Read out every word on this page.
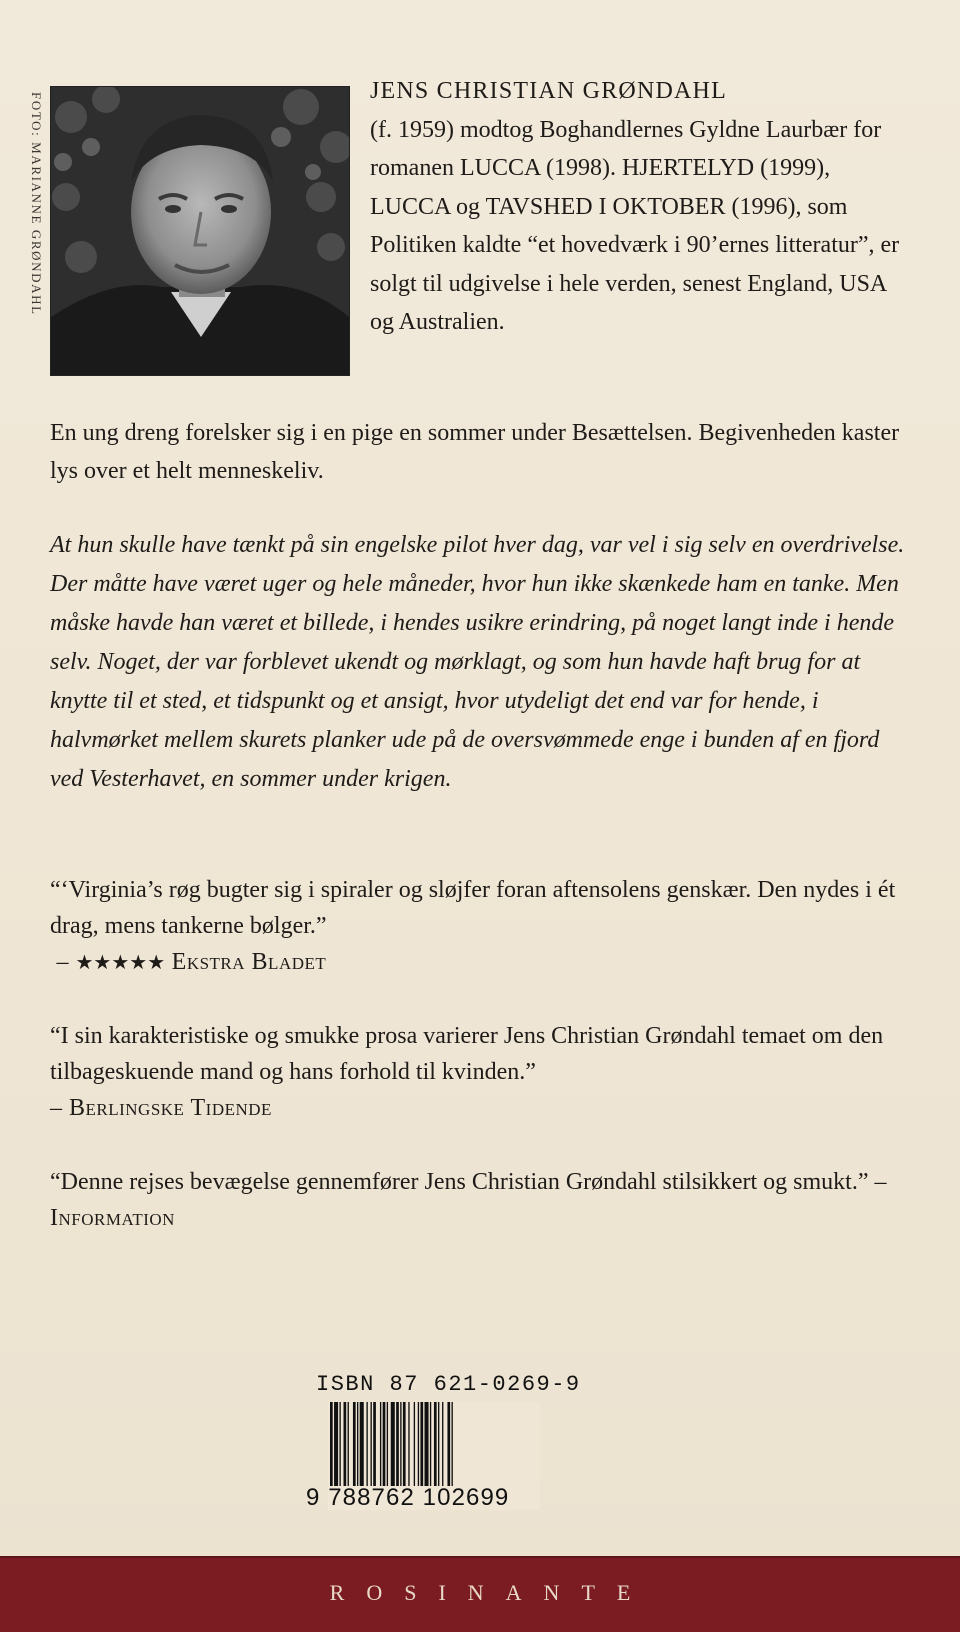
FOTO: MARIANNE GRØNDAHL
JENS CHRISTIAN GRØNDAHL

(f. 1959) modtog Boghandlernes Gyldne Laurbær for romanen LUCCA (1998). HJERTELYD (1999), LUCCA og TAVSHED I OKTOBER (1996), som Politiken kaldte “et hovedværk i 90’ernes litteratur”, er solgt til udgivelse i hele verden, senest England, USA og Australien.

En ung dreng forelsker sig i en pige en sommer under Besættelsen. Begivenheden kaster lys over et helt menneskeliv.

At hun skulle have tænkt på sin engelske pilot hver dag, var vel i sig selv en overdrivelse. Der måtte have været uger og hele måneder, hvor hun ikke skænkede ham en tanke. Men måske havde han været et billede, i hendes usikre erindring, på noget langt inde i hende selv. Noget, der var forblevet ukendt og mørklagt, og som hun havde haft brug for at knytte til et sted, et tidspunkt og et ansigt, hvor utydeligt det end var for hende, i halvmørket mellem skurets planker ude på de oversvømmede enge i bunden af en fjord ved Vesterhavet, en sommer under krigen.

“‘Virginia’s røg bugter sig i spiraler og sløjfer foran aftensolens genskær. Den nydes i ét drag, mens tankerne bølger.”
– ★★★★★ Ekstra Bladet

“I sin karakteristiske og smukke prosa varierer Jens Christian Grøndahl temaet om den tilbageskuende mand og hans forhold til kvinden.”
– Berlingske Tidende

“Denne rejses bevægelse gennemfører Jens Christian Grøndahl stilsikkert og smukt.” – Information

ISBN 87 621-0269-9
9 788762 102699
ROSINANTE
